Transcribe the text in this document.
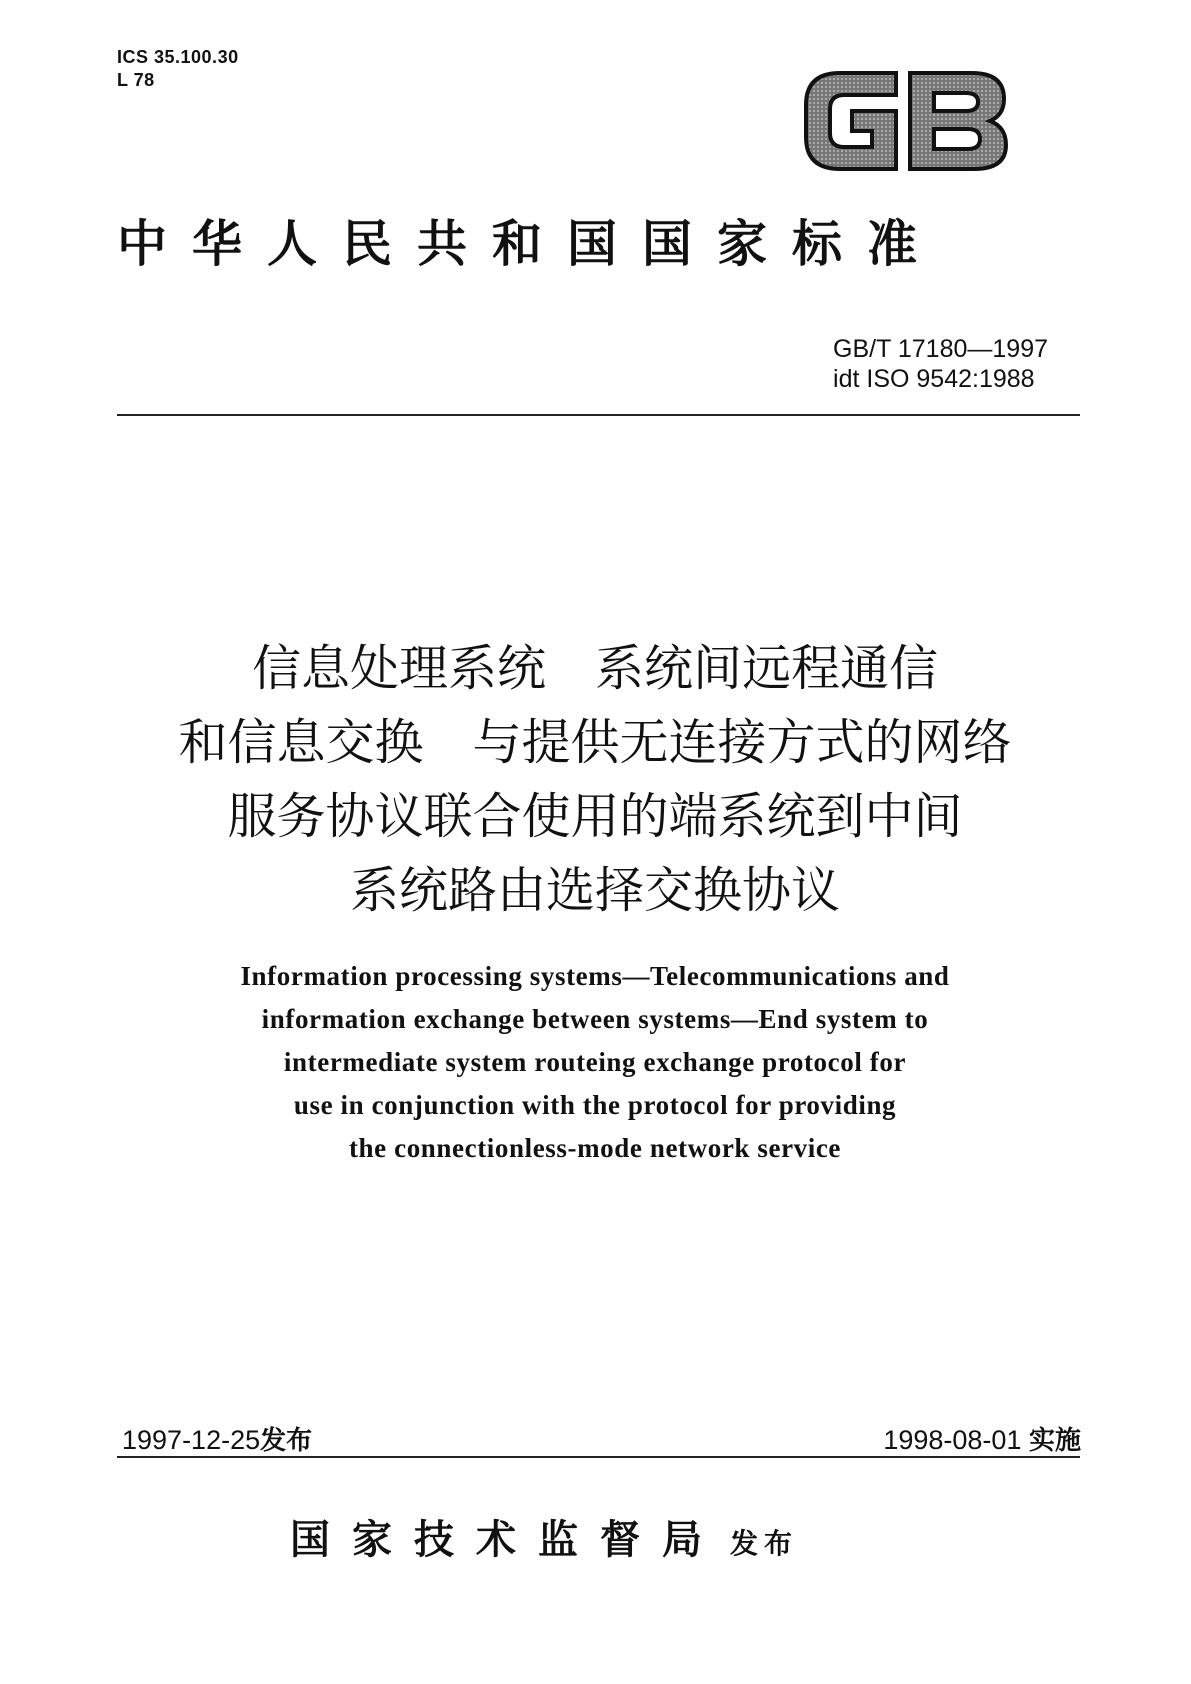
ICS 35.100.30
L 78
GB
中华人民共和国国家标准
GB/T 17180—1997
idt ISO 9542:1988
信息处理系统　系统间远程通信
和信息交换　与提供无连接方式的网络
服务协议联合使用的端系统到中间
系统路由选择交换协议
Information processing systems—Telecommunications and
information exchange between systems—End system to
intermediate system routeing exchange protocol for
use in conjunction with the protocol for providing
the connectionless-mode network service
1997-12-25发布	1998-08-01 实施
国家技术监督局 发布
